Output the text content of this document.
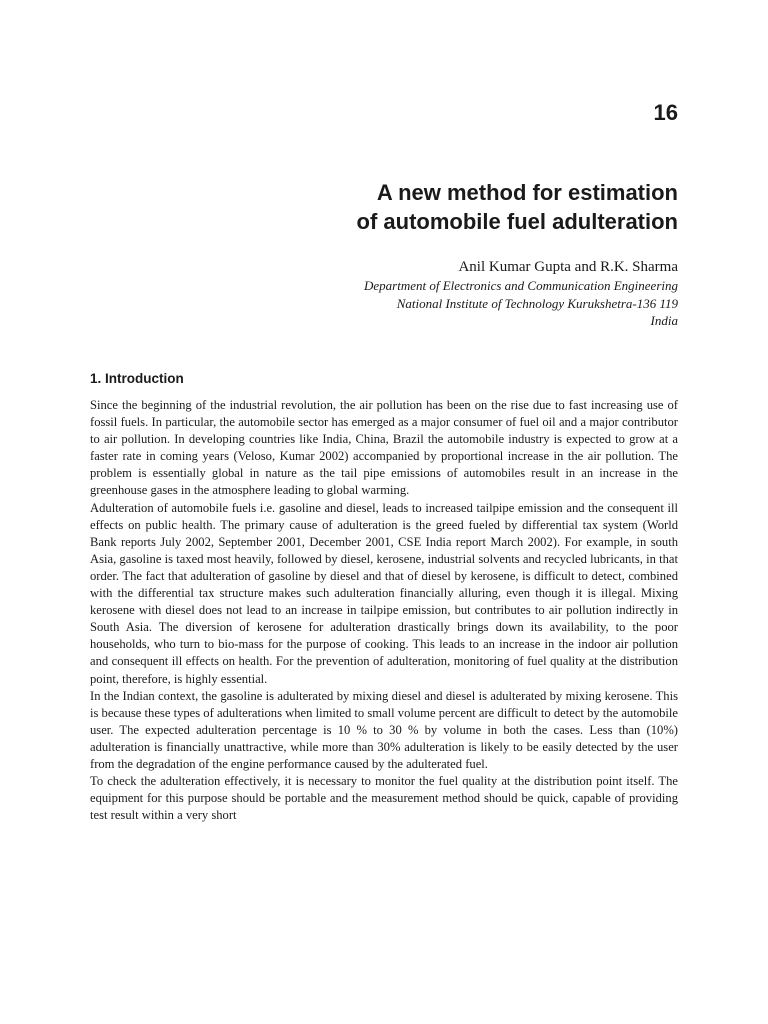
16
A new method for estimation
of automobile fuel adulteration
Anil Kumar Gupta and R.K. Sharma
Department of Electronics and Communication Engineering
National Institute of Technology Kurukshetra-136 119
India
1. Introduction

Since the beginning of the industrial revolution, the air pollution has been on the rise due to fast increasing use of fossil fuels. In particular, the automobile sector has emerged as a major consumer of fuel oil and a major contributor to air pollution. In developing countries like India, China, Brazil the automobile industry is expected to grow at a faster rate in coming years (Veloso, Kumar 2002) accompanied by proportional increase in the air pollution. The problem is essentially global in nature as the tail pipe emissions of automobiles result in an increase in the greenhouse gases in the atmosphere leading to global warming.

Adulteration of automobile fuels i.e. gasoline and diesel, leads to increased tailpipe emission and the consequent ill effects on public health. The primary cause of adulteration is the greed fueled by differential tax system (World Bank reports July 2002, September 2001, December 2001, CSE India report March 2002). For example, in south Asia, gasoline is taxed most heavily, followed by diesel, kerosene, industrial solvents and recycled lubricants, in that order. The fact that adulteration of gasoline by diesel and that of diesel by kerosene, is difficult to detect, combined with the differential tax structure makes such adulteration financially alluring, even though it is illegal. Mixing kerosene with diesel does not lead to an increase in tailpipe emission, but contributes to air pollution indirectly in South Asia. The diversion of kerosene for adulteration drastically brings down its availability, to the poor households, who turn to bio-mass for the purpose of cooking. This leads to an increase in the indoor air pollution and consequent ill effects on health. For the prevention of adulteration, monitoring of fuel quality at the distribution point, therefore, is highly essential.

In the Indian context, the gasoline is adulterated by mixing diesel and diesel is adulterated by mixing kerosene. This is because these types of adulterations when limited to small volume percent are difficult to detect by the automobile user. The expected adulteration percentage is 10 % to 30 % by volume in both the cases. Less than (10%) adulteration is financially unattractive, while more than 30% adulteration is likely to be easily detected by the user from the degradation of the engine performance caused by the adulterated fuel.

To check the adulteration effectively, it is necessary to monitor the fuel quality at the distribution point itself. The equipment for this purpose should be portable and the measurement method should be quick, capable of providing test result within a very short
